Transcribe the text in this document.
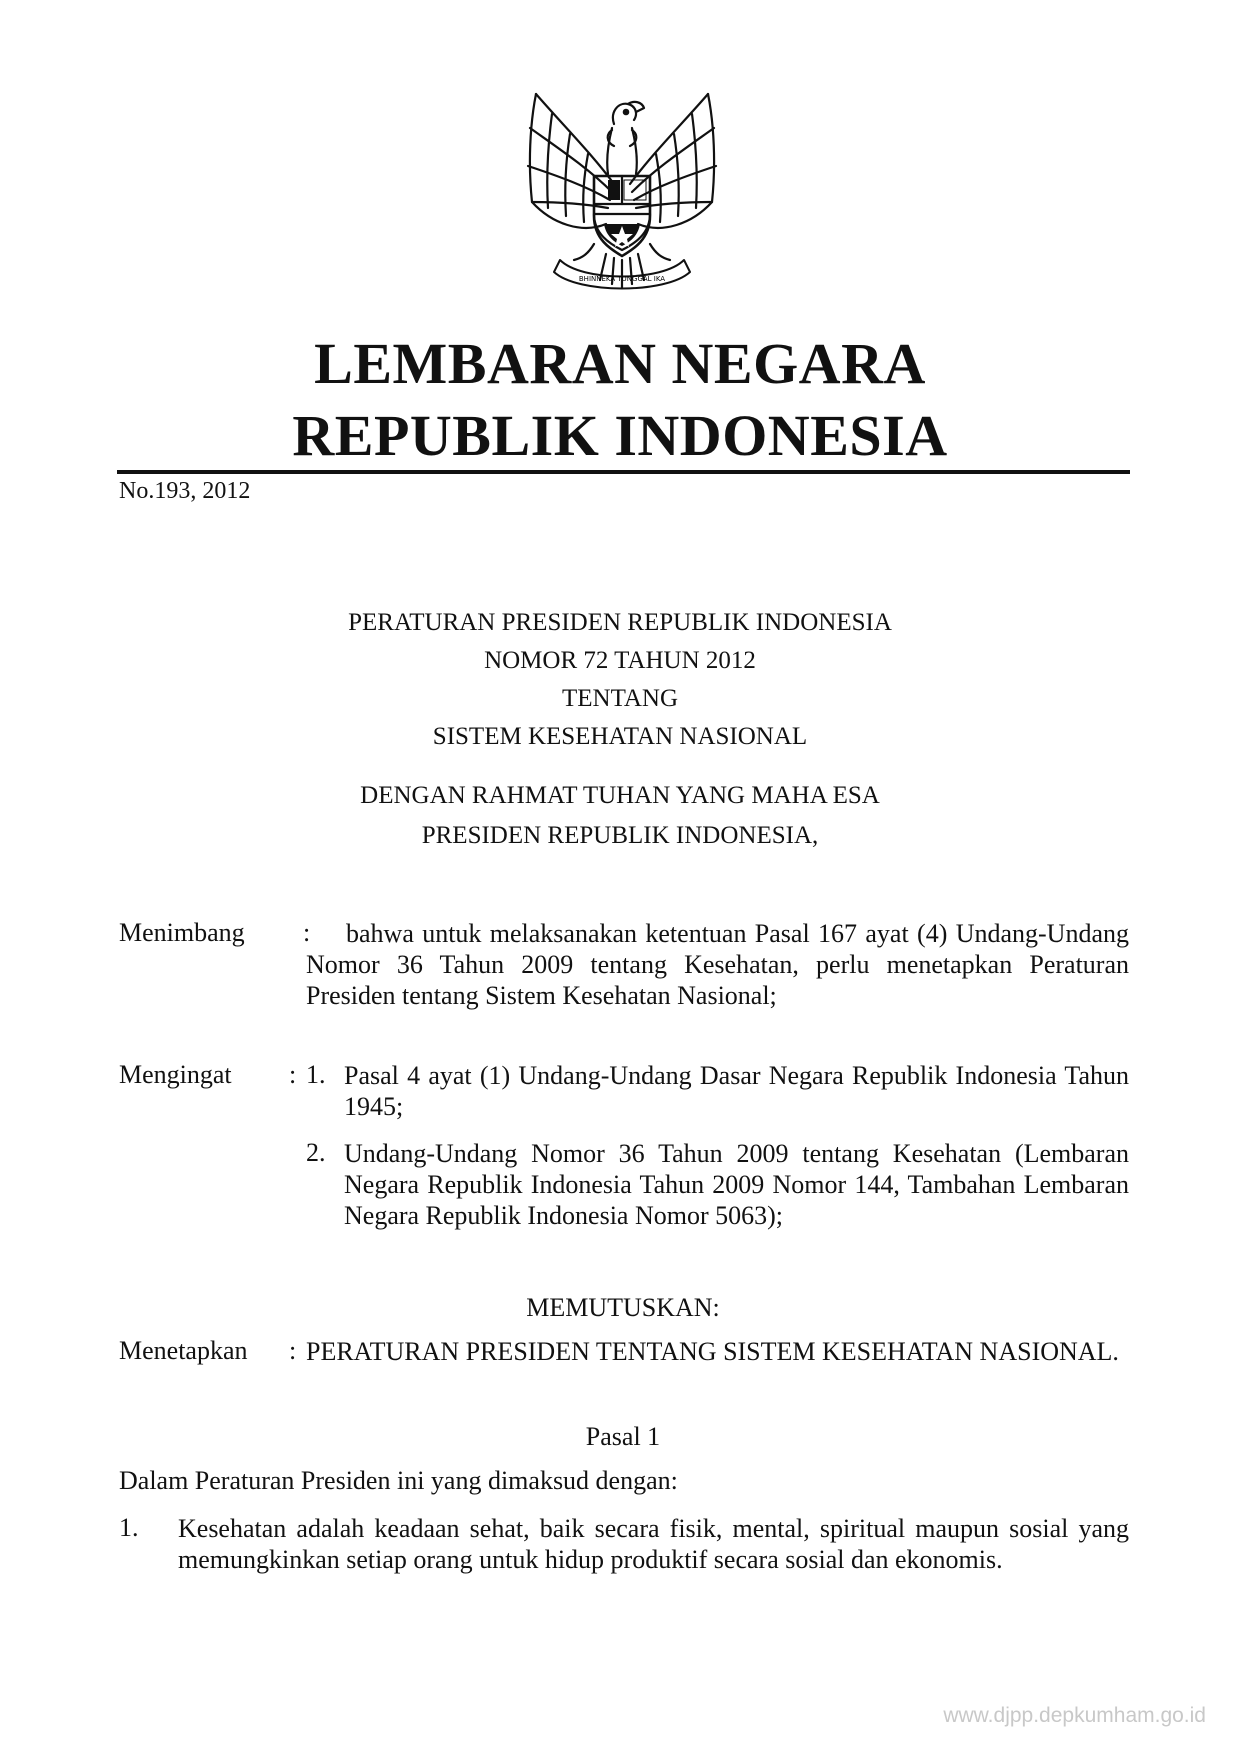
BHINNEKA TUNGGAL IKA
LEMBARAN NEGARA
REPUBLIK INDONESIA
No.193, 2012
PERATURAN PRESIDEN REPUBLIK INDONESIA
NOMOR 72 TAHUN 2012
TENTANG
SISTEM KESEHATAN NASIONAL
DENGAN RAHMAT TUHAN YANG MAHA ESA
PRESIDEN REPUBLIK INDONESIA,
Menimbang :	bahwa untuk melaksanakan ketentuan Pasal 167 ayat (4) Undang-Undang Nomor 36 Tahun 2009 tentang Kesehatan, perlu menetapkan Peraturan Presiden tentang Sistem Kesehatan Nasional;
Mengingat : 1. Pasal 4 ayat (1) Undang-Undang Dasar Negara Republik Indonesia Tahun 1945;
2. Undang-Undang Nomor 36 Tahun 2009 tentang Kesehatan (Lembaran Negara Republik Indonesia Tahun 2009 Nomor 144, Tambahan Lembaran Negara Republik Indonesia Nomor 5063);
MEMUTUSKAN:
Menetapkan : PERATURAN PRESIDEN TENTANG SISTEM KESEHATAN NASIONAL.
Pasal 1
Dalam Peraturan Presiden ini yang dimaksud dengan:
1. Kesehatan adalah keadaan sehat, baik secara fisik, mental, spiritual maupun sosial yang memungkinkan setiap orang untuk hidup produktif secara sosial dan ekonomis.
www.djpp.depkumham.go.id
